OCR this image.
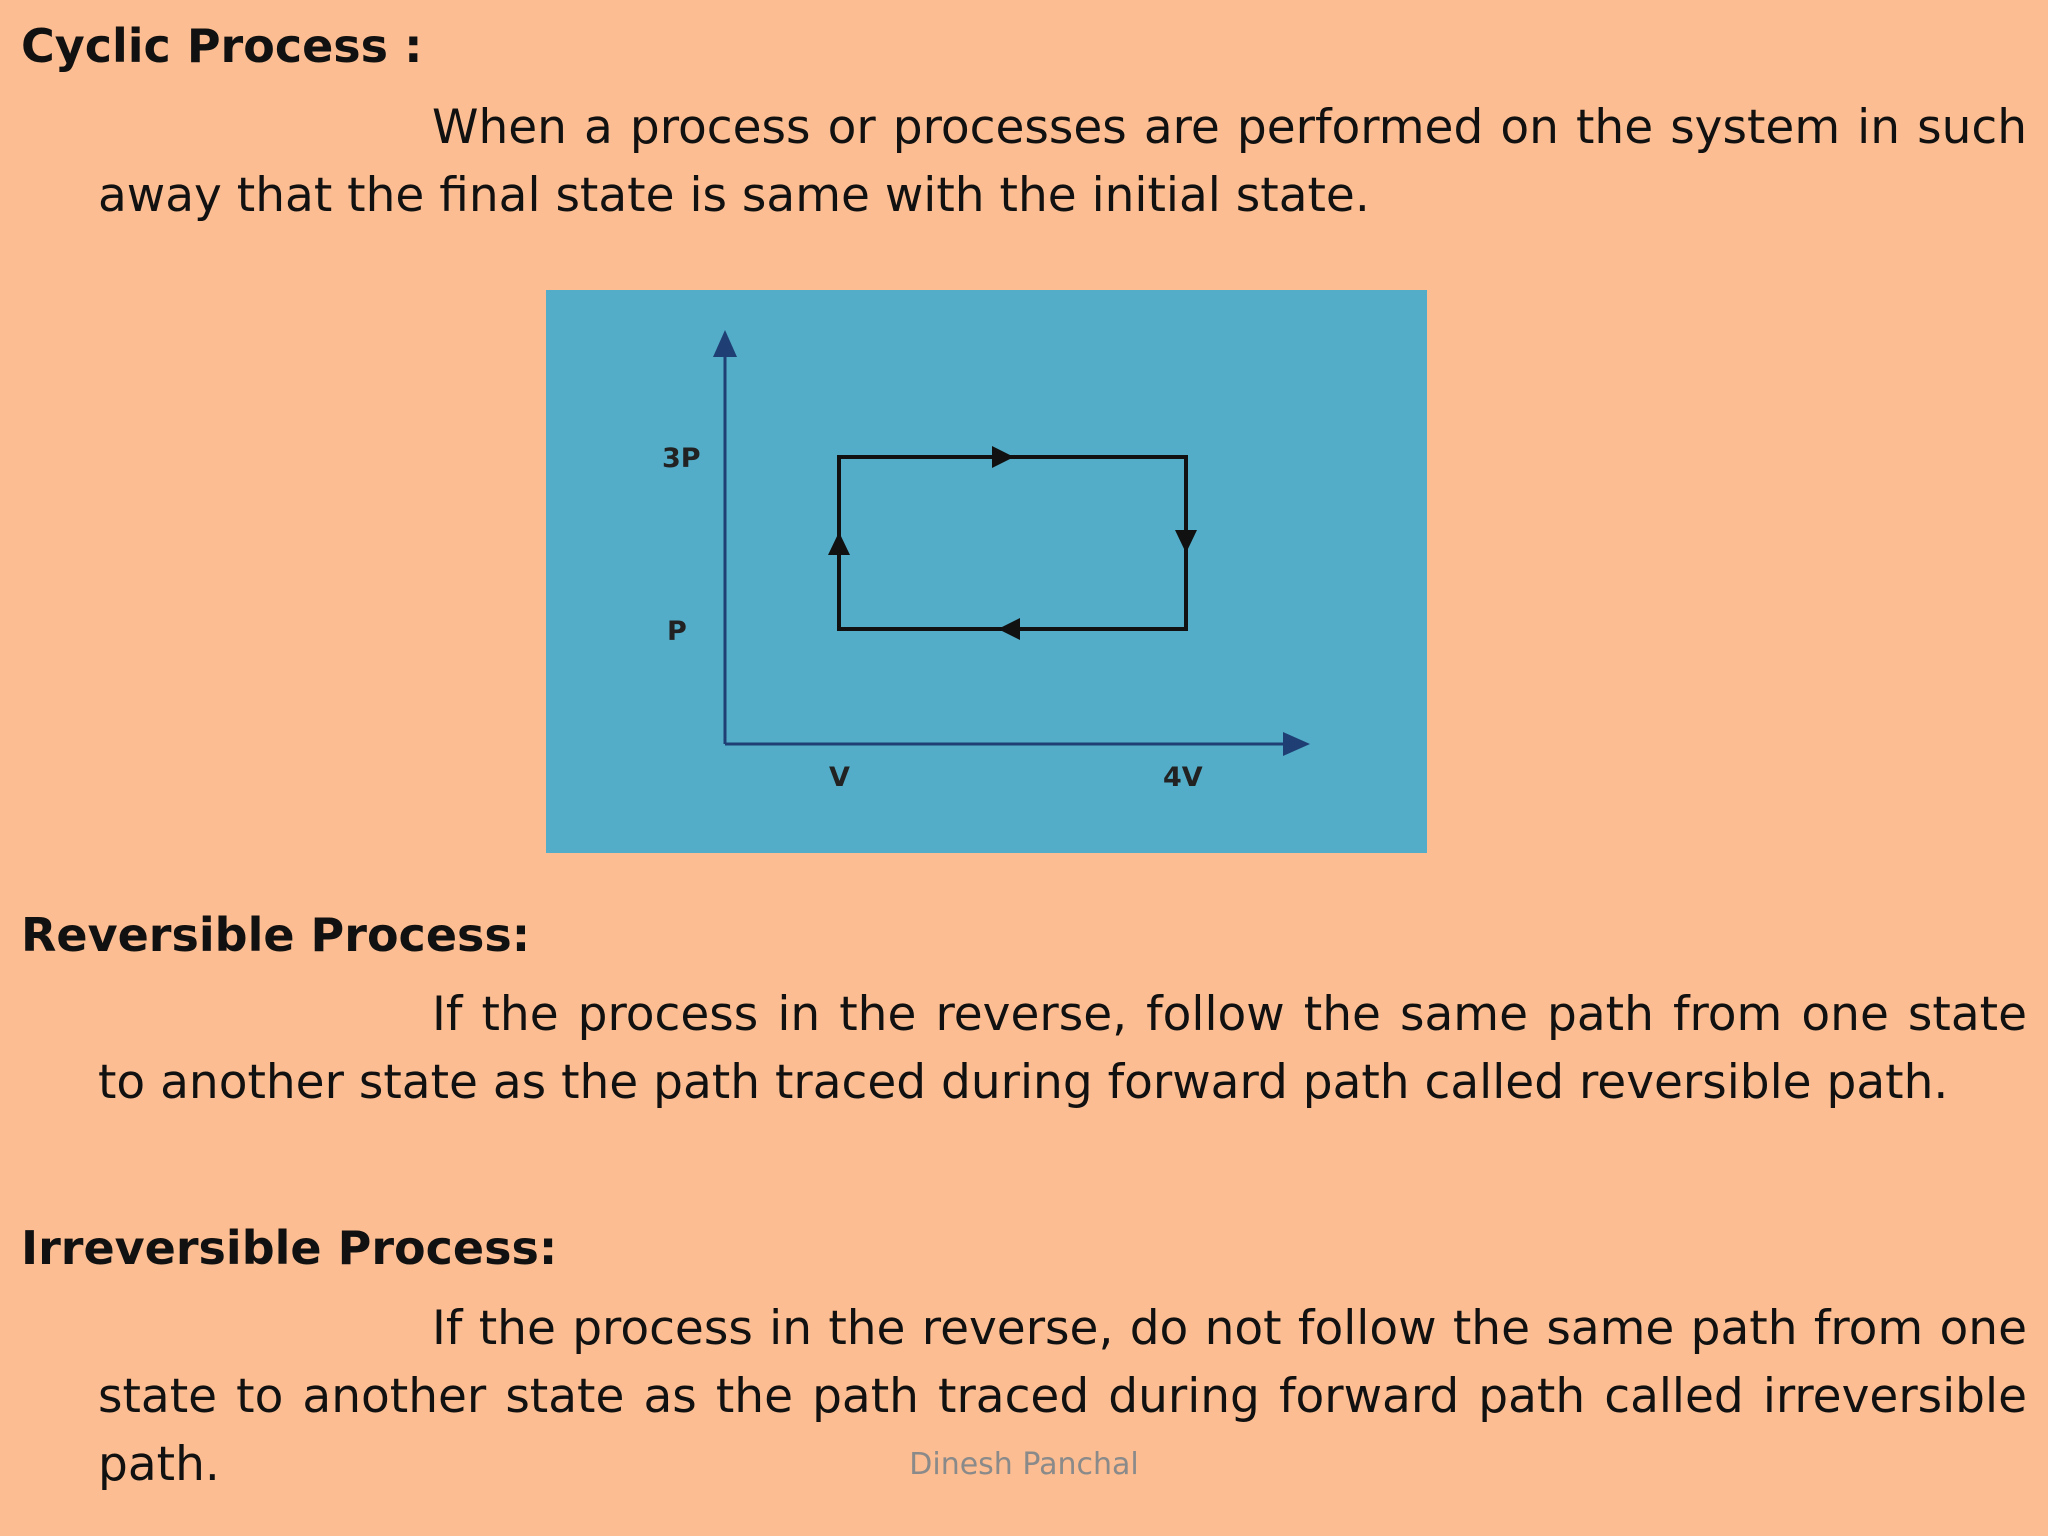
Cyclic Process :

When a process or processes are performed on the system in such away that the final state is same with the initial state.

3P
P
V	4V
Reversible Process:

If the process in the reverse, follow the same path from one state to another state as the path traced during forward path called reversible path.

Irreversible Process:

If the process in the reverse, do not follow the same path from one state to another state as the path traced during forward path called irreversible path.	Dinesh Panchal
